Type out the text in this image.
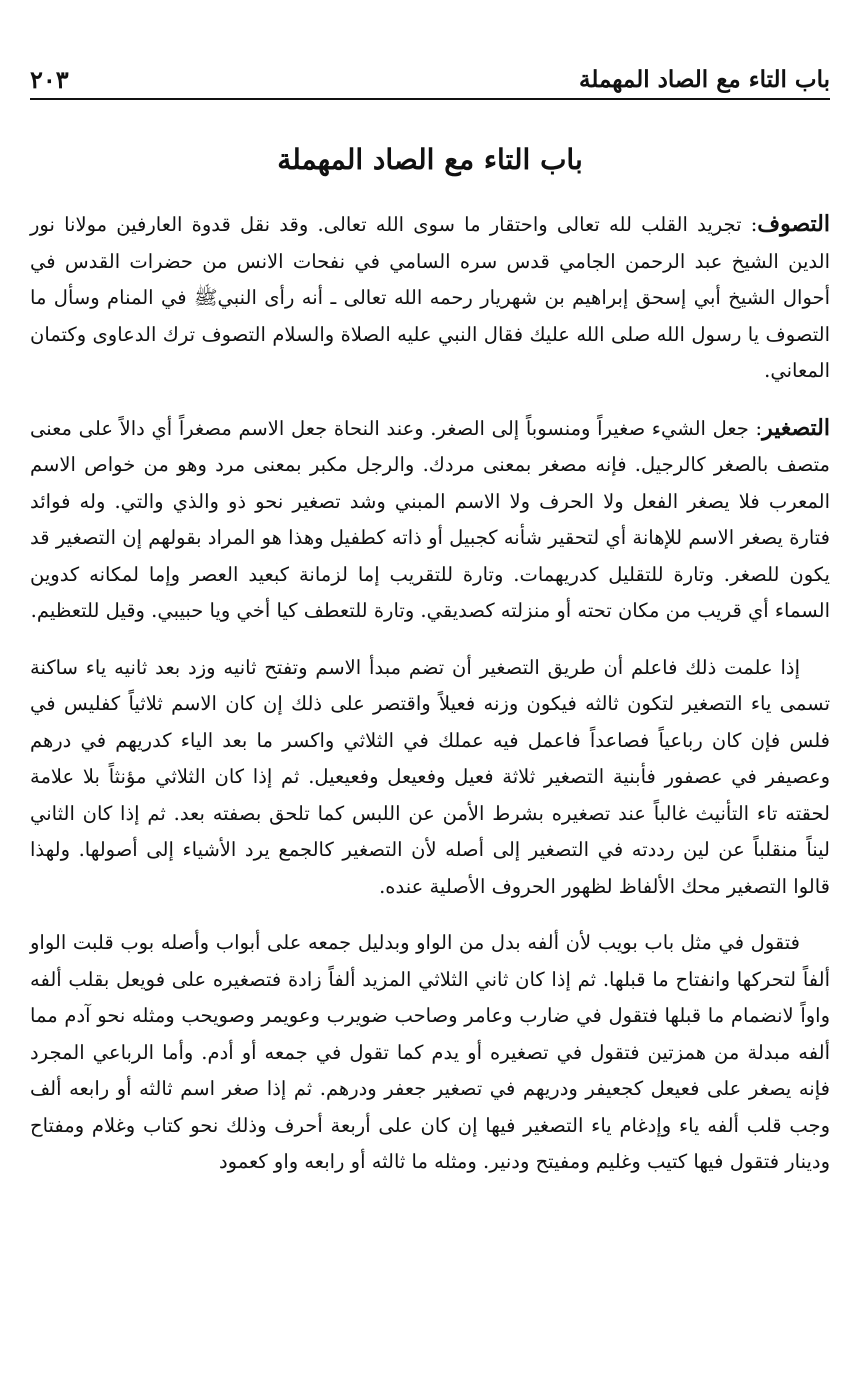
باب التاء مع الصاد المهملة
٢٠٣
باب التاء مع الصاد المهملة

التصوف: تجريد القلب لله تعالى واحتقار ما سوى الله تعالى. وقد نقل قدوة العارفين مولانا نور الدين الشيخ عبد الرحمن الجامي قدس سره السامي في نفحات الانس من حضرات القدس في أحوال الشيخ أبي إسحق إبراهيم بن شهريار رحمه الله تعالى ـ أنه رأى النبيﷺ في المنام وسأل ما التصوف يا رسول الله صلى الله عليك فقال النبي عليه الصلاة والسلام التصوف ترك الدعاوى وكتمان المعاني.

التصغير: جعل الشيء صغيراً ومنسوباً إلى الصغر. وعند النحاة جعل الاسم مصغراً أي دالاً على معنى متصف بالصغر كالرجيل. فإنه مصغر بمعنى مردك. والرجل مكبر بمعنى مرد وهو من خواص الاسم المعرب فلا يصغر الفعل ولا الحرف ولا الاسم المبني وشد تصغير نحو ذو والذي والتي. وله فوائد فتارة يصغر الاسم للإهانة أي لتحقير شأنه كجبيل أو ذاته كطفيل وهذا هو المراد بقولهم إن التصغير قد يكون للصغر. وتارة للتقليل كدريهمات. وتارة للتقريب إما لزمانة كبعيد العصر وإما لمكانه كدوين السماء أي قريب من مكان تحته أو منزلته كصديقي. وتارة للتعطف كيا أخي ويا حبيبي. وقيل للتعظيم.

إذا علمت ذلك فاعلم أن طريق التصغير أن تضم مبدأ الاسم وتفتح ثانيه وزد بعد ثانيه ياء ساكنة تسمى ياء التصغير لتكون ثالثه فيكون وزنه فعيلاً واقتصر على ذلك إن كان الاسم ثلاثياً كفليس في فلس فإن كان رباعياً فصاعداً فاعمل فيه عملك في الثلاثي واكسر ما بعد الياء كدريهم في درهم وعصيفر في عصفور فأبنية التصغير ثلاثة فعيل وفعيعل وفعيعيل. ثم إذا كان الثلاثي مؤنثاً بلا علامة لحقته تاء التأنيث غالباً عند تصغيره بشرط الأمن عن اللبس كما تلحق بصفته بعد. ثم إذا كان الثاني ليناً منقلباً عن لين رددته في التصغير إلى أصله لأن التصغير كالجمع يرد الأشياء إلى أصولها. ولهذا قالوا التصغير محك الألفاظ لظهور الحروف الأصلية عنده.

فتقول في مثل باب بويب لأن ألفه بدل من الواو وبدليل جمعه على أبواب وأصله بوب قلبت الواو ألفاً لتحركها وانفتاح ما قبلها. ثم إذا كان ثاني الثلاثي المزيد ألفاً زادة فتصغيره على فويعل بقلب ألفه واواً لانضمام ما قبلها فتقول في ضارب وعامر وصاحب ضويرب وعويمر وصويحب ومثله نحو آدم مما ألفه مبدلة من همزتين فتقول في تصغيره أو يدم كما تقول في جمعه أو أدم. وأما الرباعي المجرد فإنه يصغر على فعيعل كجعيفر ودريهم في تصغير جعفر ودرهم. ثم إذا صغر اسم ثالثه أو رابعه ألف وجب قلب ألفه ياء وإدغام ياء التصغير فيها إن كان على أربعة أحرف وذلك نحو كتاب وغلام ومفتاح ودينار فتقول فيها كتيب وغليم ومفيتح ودنير. ومثله ما ثالثه أو رابعه واو كعمود
